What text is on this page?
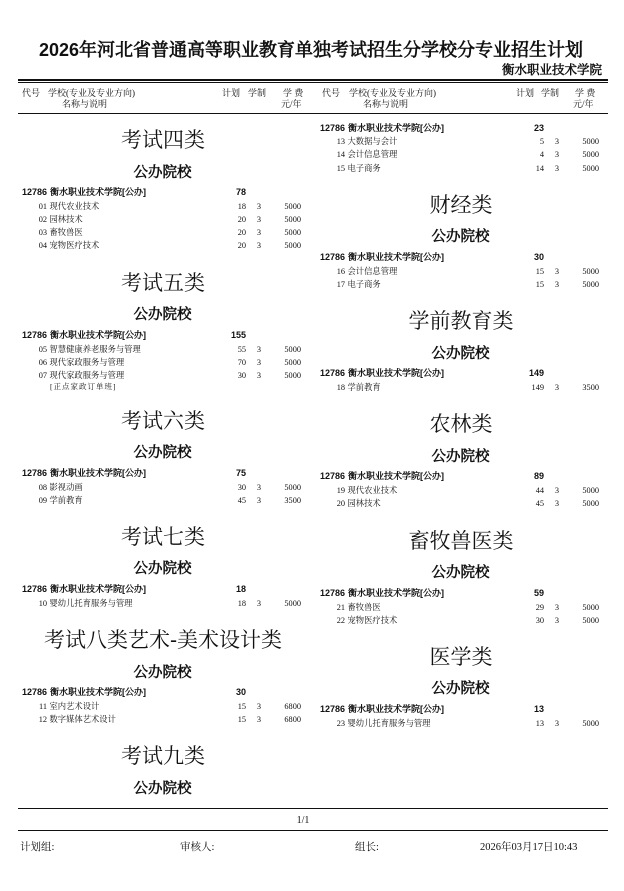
2026年河北省普通高等职业教育单独考试招生分学校分专业招生计划
衡水职业技术学院
代号 学校(专业及专业方向)
名称与说明
计划 学制 学 费
元/年
代号 学校(专业及专业方向)
名称与说明
计划 学制 学 费
元/年
考试四类
公办院校
12786 衡水职业技术学院[公办]	78
01 现代农业技术	18 3	5000
02 园林技术	20 3	5000
03 畜牧兽医	20 3	5000
04 宠物医疗技术	20 3	5000
考试五类
公办院校
12786 衡水职业技术学院[公办]	155
05 智慧健康养老服务与管理	55 3	5000
06 现代家政服务与管理	70 3	5000
07 现代家政服务与管理	30 3	5000
[正点家政订单班]
考试六类
公办院校
12786 衡水职业技术学院[公办]	75
08 影视动画	30 3	5000
09 学前教育	45 3	3500
考试七类
公办院校
12786 衡水职业技术学院[公办]	18
10 婴幼儿托育服务与管理	18 3	5000
考试八类艺术-美术设计类
公办院校
12786 衡水职业技术学院[公办]	30
11 室内艺术设计	15 3	6800
12 数字媒体艺术设计	15 3	6800
考试九类
公办院校
12786 衡水职业技术学院[公办]	23
13 大数据与会计	5 3	5000
14 会计信息管理	4 3	5000
15 电子商务	14 3	5000
财经类
公办院校
12786 衡水职业技术学院[公办]	30
16 会计信息管理	15 3	5000
17 电子商务	15 3	5000
学前教育类
公办院校
12786 衡水职业技术学院[公办]	149
18 学前教育	149 3	3500
农林类
公办院校
12786 衡水职业技术学院[公办]	89
19 现代农业技术	44 3	5000
20 园林技术	45 3	5000
畜牧兽医类
公办院校
12786 衡水职业技术学院[公办]	59
21 畜牧兽医	29 3	5000
22 宠物医疗技术	30 3	5000
医学类
公办院校
12786 衡水职业技术学院[公办]	13
23 婴幼儿托育服务与管理	13 3	5000
1/1
计划组:	审核人:	组长:	2026年03月17日10:43
